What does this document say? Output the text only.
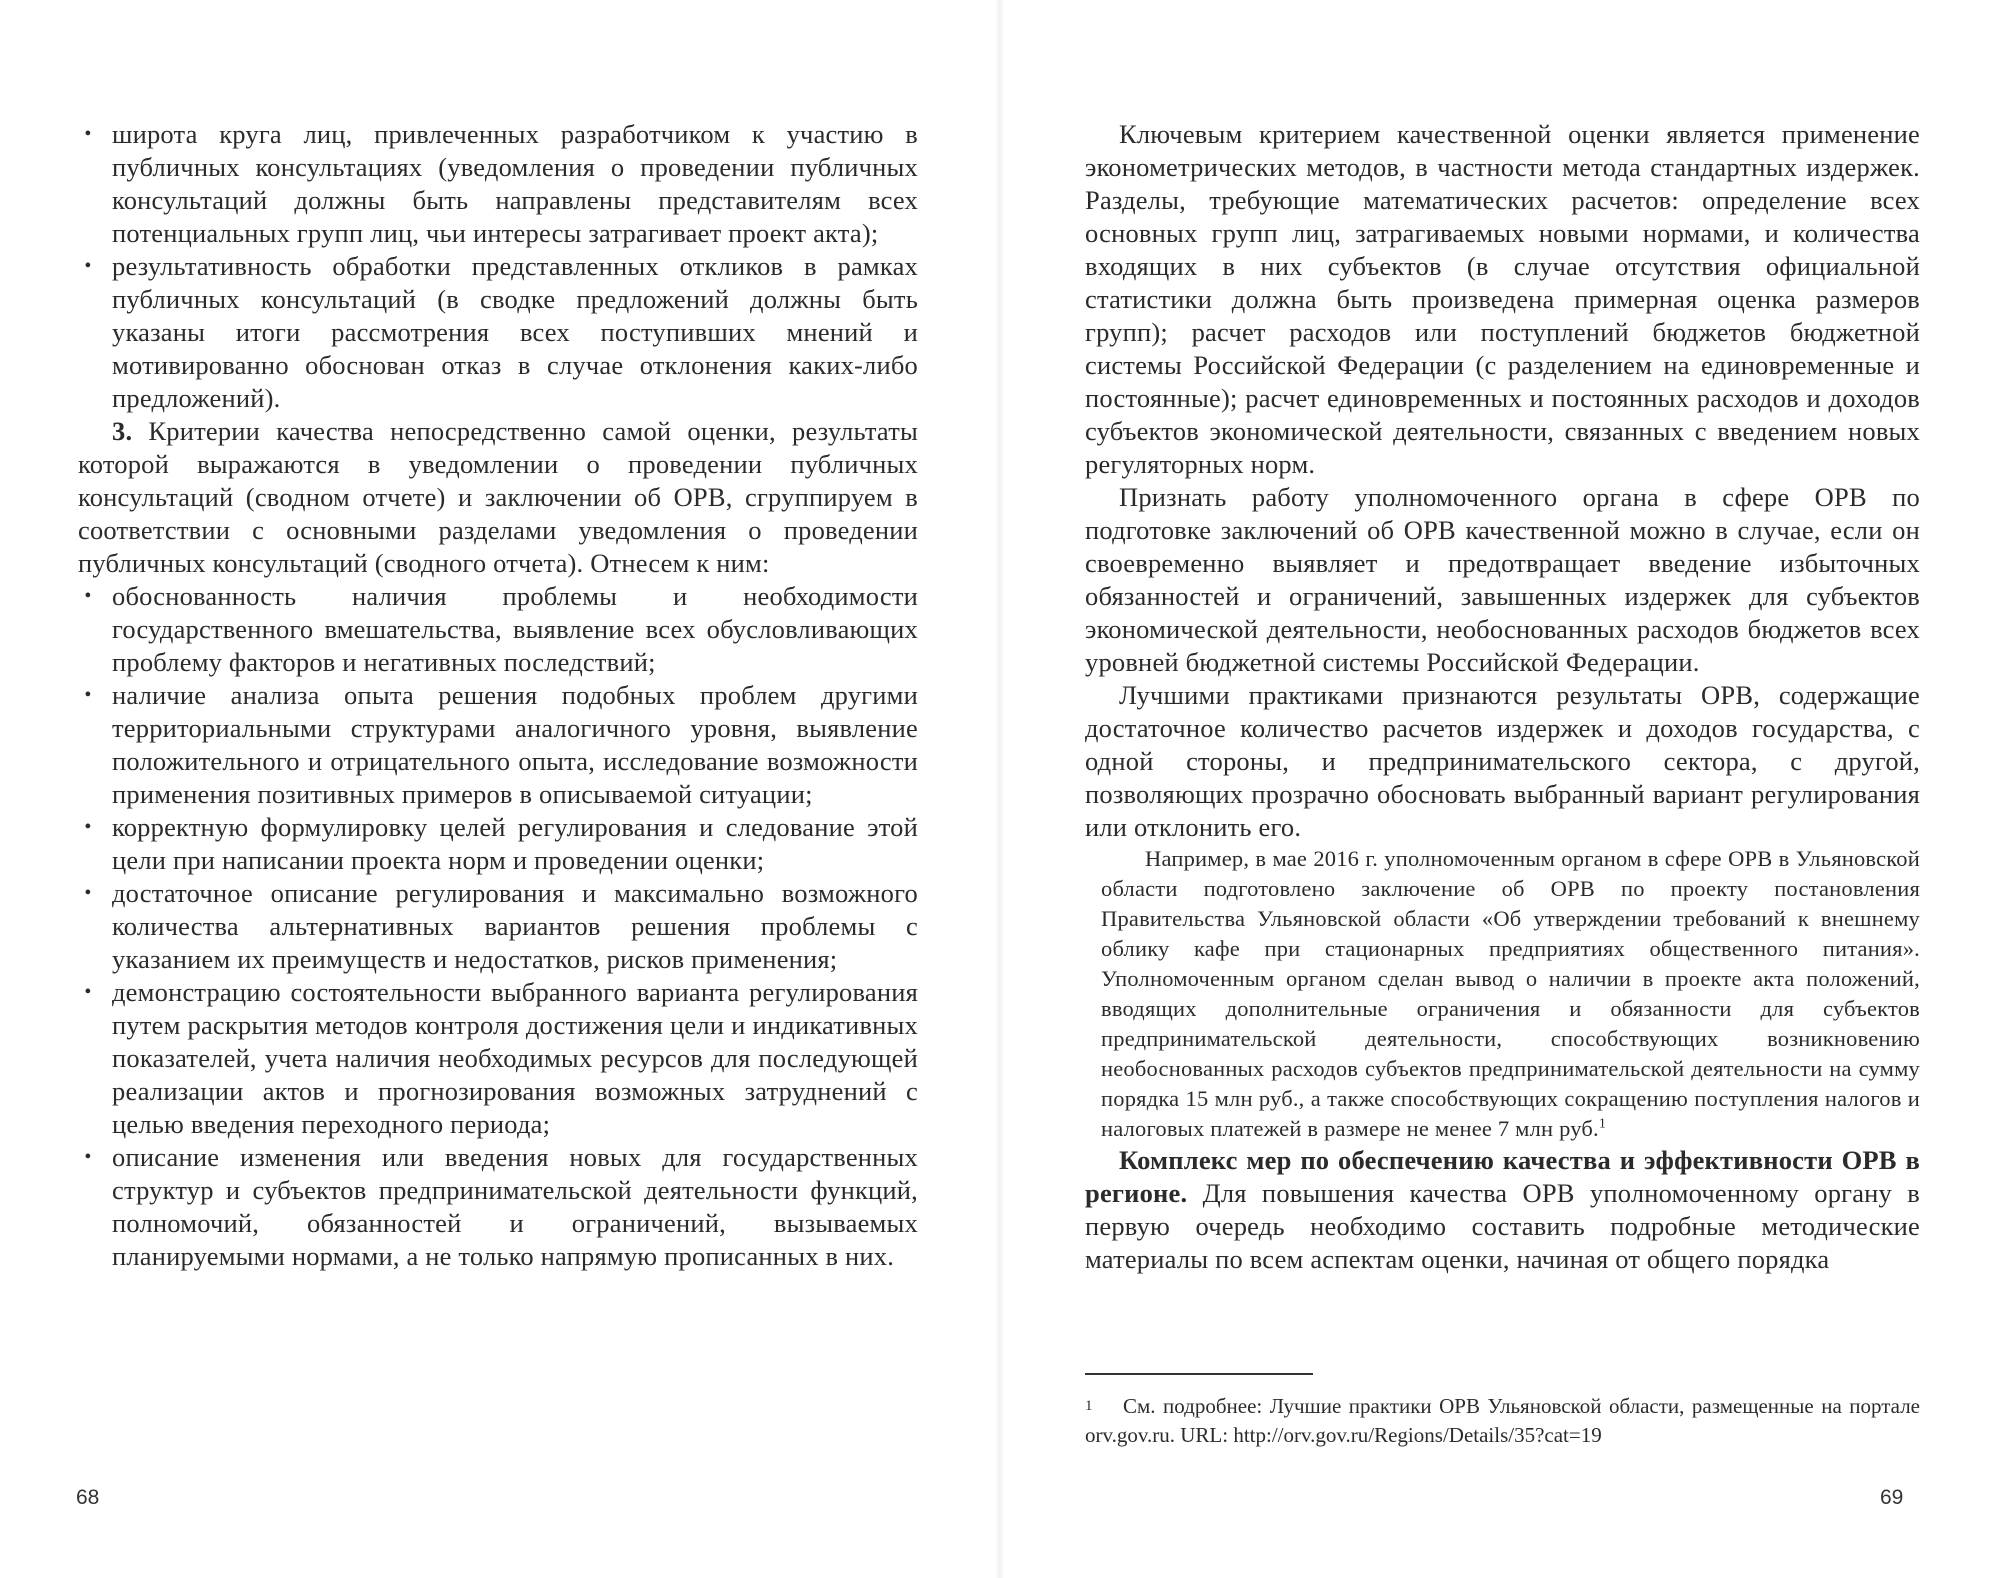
• широта круга лиц, привлеченных разработчиком к участию в публичных консультациях (уведомления о проведении публичных консультаций должны быть направлены представителям всех потенциальных групп лиц, чьи интересы затрагивает проект акта);

• результативность обработки представленных откликов в рамках публичных консультаций (в сводке предложений должны быть указаны итоги рассмотрения всех поступивших мнений и мотивированно обоснован отказ в случае отклонения каких-либо предложений).

3. Критерии качества непосредственно самой оценки, результаты которой выражаются в уведомлении о проведении публичных консультаций (сводном отчете) и заключении об ОРВ, сгруппируем в соответствии с основными разделами уведомления о проведении публичных консультаций (сводного отчета). Отнесем к ним:

• обоснованность наличия проблемы и необходимости государственного вмешательства, выявление всех обусловливающих проблему факторов и негативных последствий;

• наличие анализа опыта решения подобных проблем другими территориальными структурами аналогичного уровня, выявление положительного и отрицательного опыта, исследование возможности применения позитивных примеров в описываемой ситуации;

• корректную формулировку целей регулирования и следование этой цели при написании проекта норм и проведении оценки;

• достаточное описание регулирования и максимально возможного количества альтернативных вариантов решения проблемы с указанием их преимуществ и недостатков, рисков применения;

• демонстрацию состоятельности выбранного варианта регулирования путем раскрытия методов контроля достижения цели и индикативных показателей, учета наличия необходимых ресурсов для последующей реализации актов и прогнозирования возможных затруднений с целью введения переходного периода;

• описание изменения или введения новых для государственных структур и субъектов предпринимательской деятельности функций, полномочий, обязанностей и ограничений, вызываемых планируемыми нормами, а не только напрямую прописанных в них.

68

Ключевым критерием качественной оценки является применение эконометрических методов, в частности метода стандартных издержек. Разделы, требующие математических расчетов: определение всех основных групп лиц, затрагиваемых новыми нормами, и количества входящих в них субъектов (в случае отсутствия официальной статистики должна быть произведена примерная оценка размеров групп); расчет расходов или поступлений бюджетов бюджетной системы Российской Федерации (с разделением на единовременные и постоянные); расчет единовременных и постоянных расходов и доходов субъектов экономической деятельности, связанных с введением новых регуляторных норм.

Признать работу уполномоченного органа в сфере ОРВ по подготовке заключений об ОРВ качественной можно в случае, если он своевременно выявляет и предотвращает введение избыточных обязанностей и ограничений, завышенных издержек для субъектов экономической деятельности, необоснованных расходов бюджетов всех уровней бюджетной системы Российской Федерации.

Лучшими практиками признаются результаты ОРВ, содержащие достаточное количество расчетов издержек и доходов государства, с одной стороны, и предпринимательского сектора, с другой, позволяющих прозрачно обосновать выбранный вариант регулирования или отклонить его.

Например, в мае 2016 г. уполномоченным органом в сфере ОРВ в Ульяновской области подготовлено заключение об ОРВ по проекту постановления Правительства Ульяновской области «Об утверждении требований к внешнему облику кафе при стационарных предприятиях общественного питания». Уполномоченным органом сделан вывод о наличии в проекте акта положений, вводящих дополнительные ограничения и обязанности для субъектов предпринимательской деятельности, способствующих возникновению необоснованных расходов субъектов предпринимательской деятельности на сумму порядка 15 млн руб., а также способствующих сокращению поступления налогов и налоговых платежей в размере не менее 7 млн руб.$^1$

Комплекс мер по обеспечению качества и эффективности ОРВ в регионе. Для повышения качества ОРВ уполномоченному органу в первую очередь необходимо составить подробные методические материалы по всем аспектам оценки, начиная от общего порядка

1 См. подробнее: Лучшие практики ОРВ Ульяновской области, размещенные на портале orv.gov.ru. URL: http://orv.gov.ru/Regions/Details/35?cat=19
69
